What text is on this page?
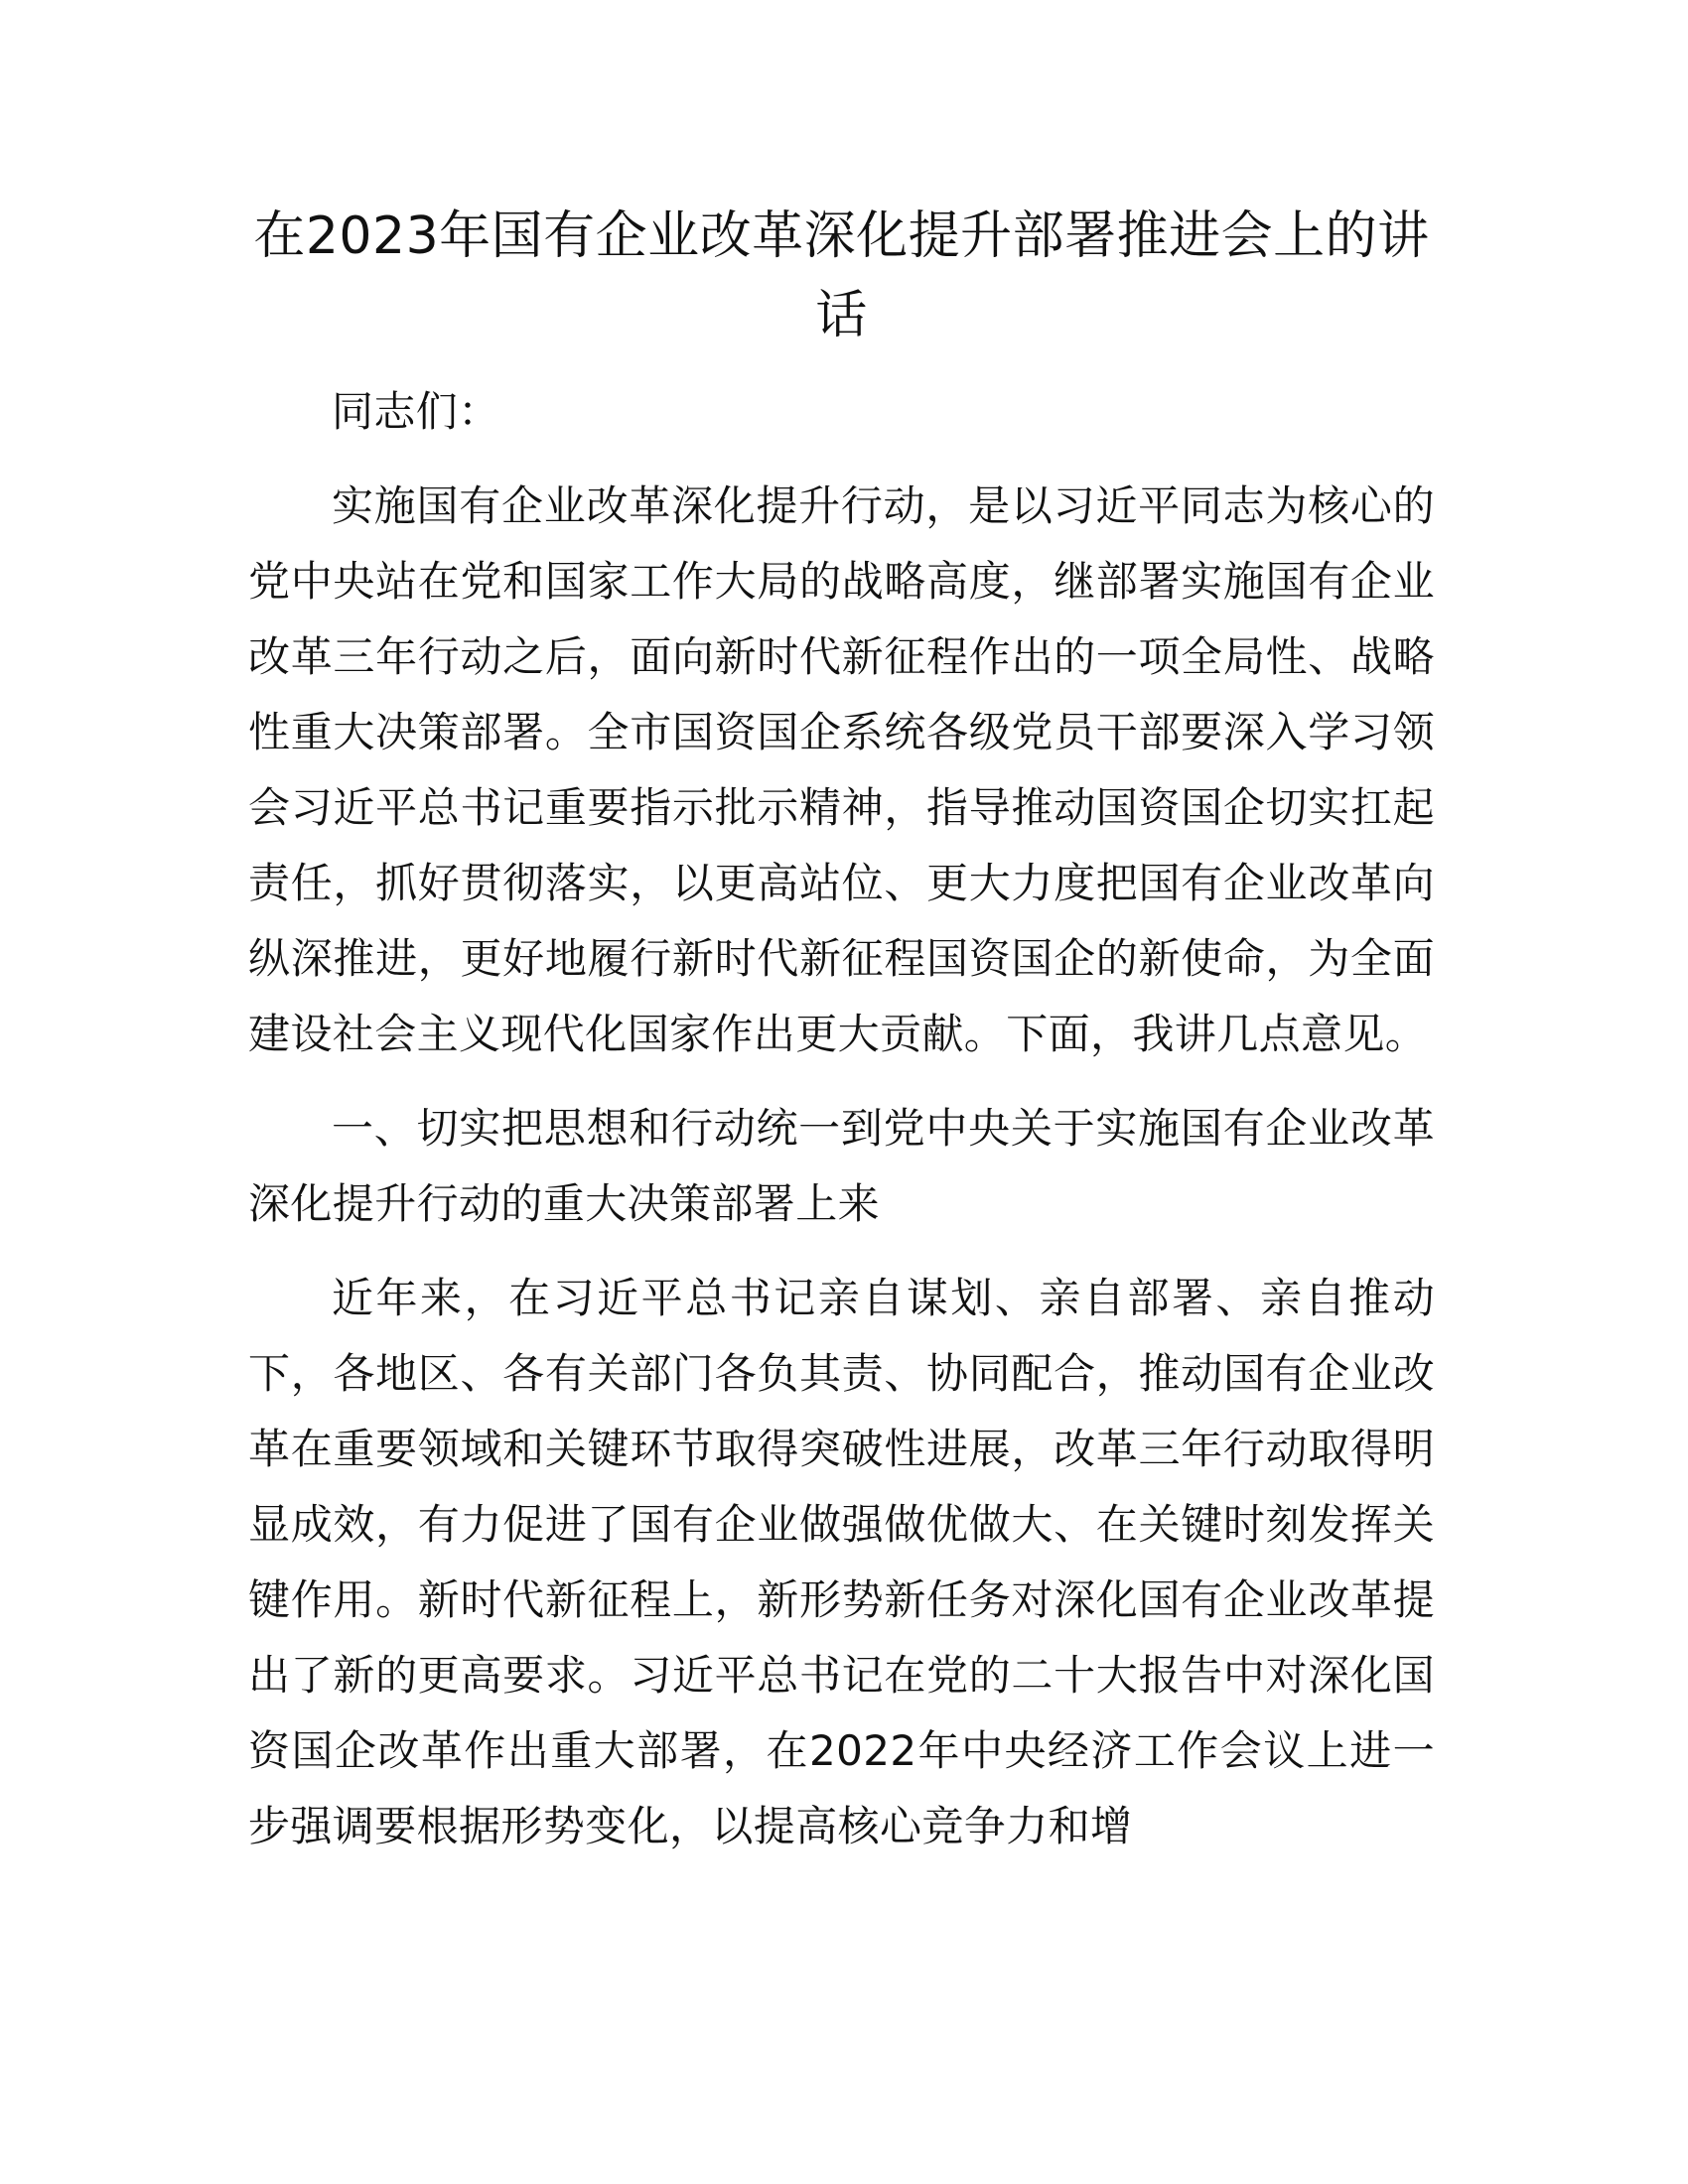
在2023年国有企业改革深化提升部署推进会上的讲话

同志们：

实施国有企业改革深化提升行动，是以习近平同志为核心的党中央站在党和国家工作大局的战略高度，继部署实施国有企业改革三年行动之后，面向新时代新征程作出的一项全局性、战略性重大决策部署。全市国资国企系统各级党员干部要深入学习领会习近平总书记重要指示批示精神，指导推动国资国企切实扛起责任，抓好贯彻落实，以更高站位、更大力度把国有企业改革向纵深推进，更好地履行新时代新征程国资国企的新使命，为全面建设社会主义现代化国家作出更大贡献。下面，我讲几点意见。

一、切实把思想和行动统一到党中央关于实施国有企业改革深化提升行动的重大决策部署上来

近年来，在习近平总书记亲自谋划、亲自部署、亲自推动下，各地区、各有关部门各负其责、协同配合，推动国有企业改革在重要领域和关键环节取得突破性进展，改革三年行动取得明显成效，有力促进了国有企业做强做优做大、在关键时刻发挥关键作用。新时代新征程上，新形势新任务对深化国有企业改革提出了新的更高要求。习近平总书记在党的二十大报告中对深化国资国企改革作出重大部署，在2022年中央经济工作会议上进一步强调要根据形势变化，以提高核心竞争力和增
